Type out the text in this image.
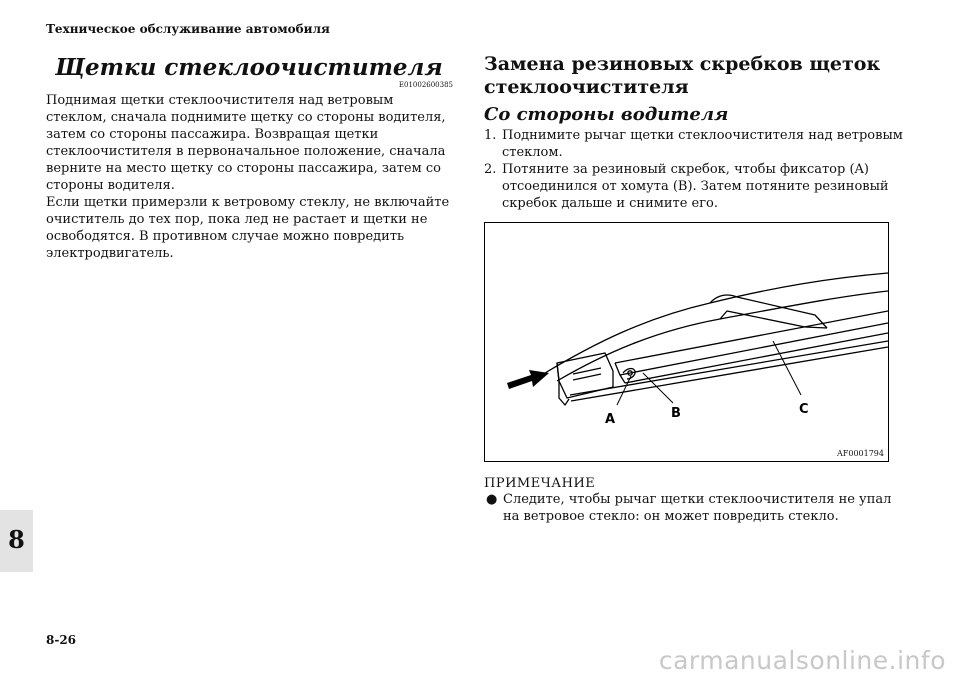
Техническое обслуживание автомобиля
8
Щетки стеклоочистителя
E01002600385

Поднимая щетки стеклоочистителя над ветровым стеклом, сначала поднимите щетку со стороны водителя, затем со стороны пассажира. Возвращая щетки стеклоочистителя в первоначальное положение, сначала верните на место щетку со стороны пассажира, затем со стороны водителя.

Если щетки примерзли к ветровому стеклу, не включайте очиститель до тех пор, пока лед не растает и щетки не освободятся. В противном случае можно повредить электродвигатель.

Замена резиновых скребков щеток стеклоочистителя
Со стороны водителя
1. Поднимите рычаг щетки стеклоочистителя над ветровым стеклом.
2. Потяните за резиновый скребок, чтобы фиксатор (A) отсоединился от хомута (B). Затем потяните резиновый скребок дальше и снимите его.
A	B	C
AF0001794
ПРИМЕЧАНИЕ
● Следите, чтобы рычаг щетки стеклоочистителя не упал на ветровое стекло: он может повредить стекло.
8-26
carmanualsonline.info
